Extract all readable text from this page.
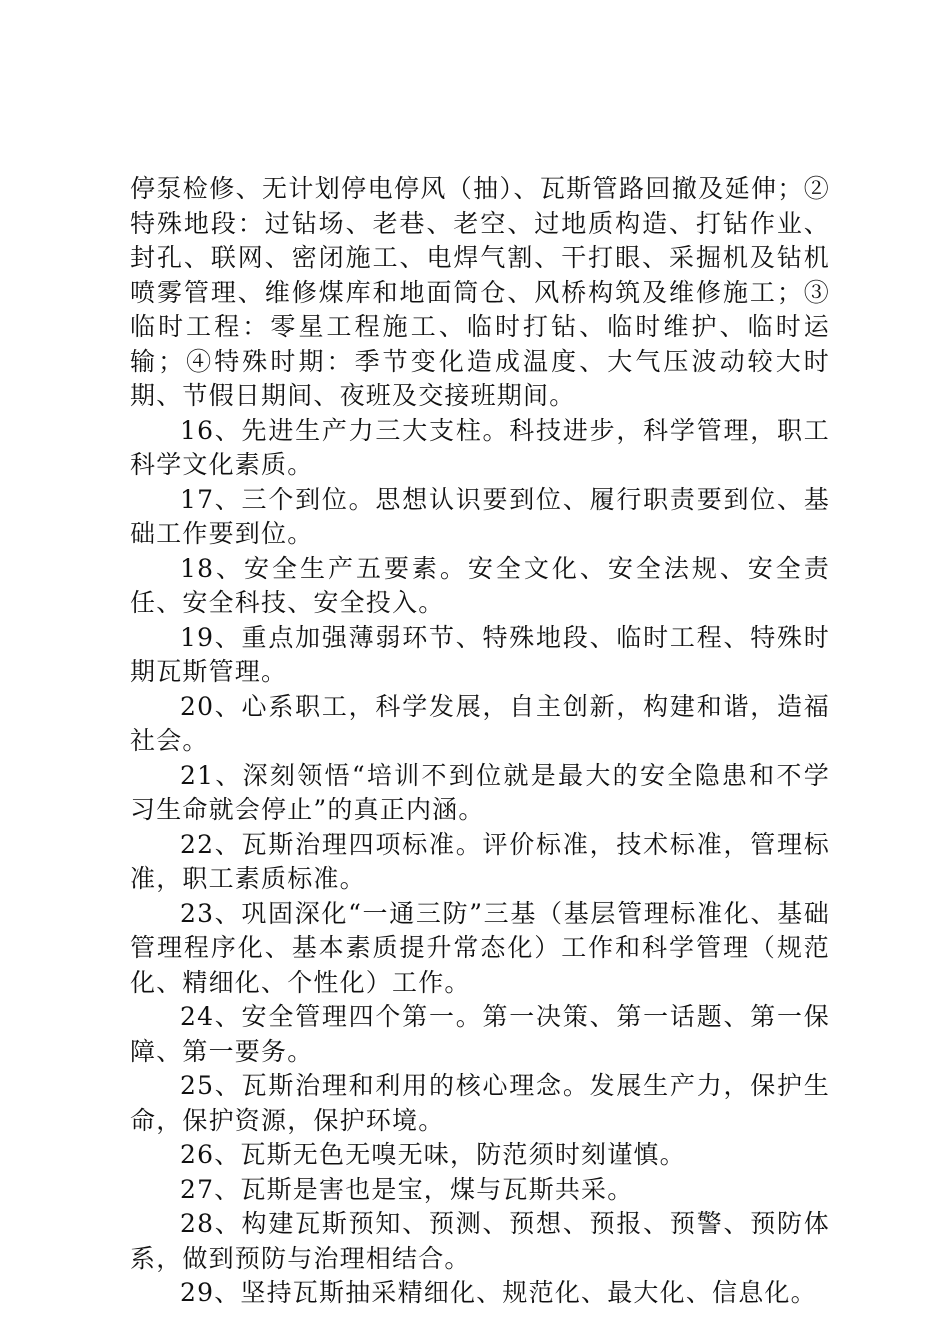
停泵检修、无计划停电停风（抽）、瓦斯管路回撤及延伸；②特殊地段：过钻场、老巷、老空、过地质构造、打钻作业、封孔、联网、密闭施工、电焊气割、干打眼、采掘机及钻机喷雾管理、维修煤库和地面筒仓、风桥构筑及维修施工；③临时工程：零星工程施工、临时打钻、临时维护、临时运输；④特殊时期：季节变化造成温度、大气压波动较大时期、节假日期间、夜班及交接班期间。

16、先进生产力三大支柱。科技进步，科学管理，职工科学文化素质。

17、三个到位。思想认识要到位、履行职责要到位、基础工作要到位。

18、安全生产五要素。安全文化、安全法规、安全责任、安全科技、安全投入。

19、重点加强薄弱环节、特殊地段、临时工程、特殊时期瓦斯管理。

20、心系职工，科学发展，自主创新，构建和谐，造福社会。

21、深刻领悟“培训不到位就是最大的安全隐患和不学习生命就会停止”的真正内涵。

22、瓦斯治理四项标准。评价标准，技术标准，管理标准，职工素质标准。

23、巩固深化“一通三防”三基（基层管理标准化、基础管理程序化、基本素质提升常态化）工作和科学管理（规范化、精细化、个性化）工作。

24、安全管理四个第一。第一决策、第一话题、第一保障、第一要务。

25、瓦斯治理和利用的核心理念。发展生产力，保护生命，保护资源，保护环境。

26、瓦斯无色无嗅无味，防范须时刻谨慎。

27、瓦斯是害也是宝，煤与瓦斯共采。

28、构建瓦斯预知、预测、预想、预报、预警、预防体系，做到预防与治理相结合。

29、坚持瓦斯抽采精细化、规范化、最大化、信息化。
